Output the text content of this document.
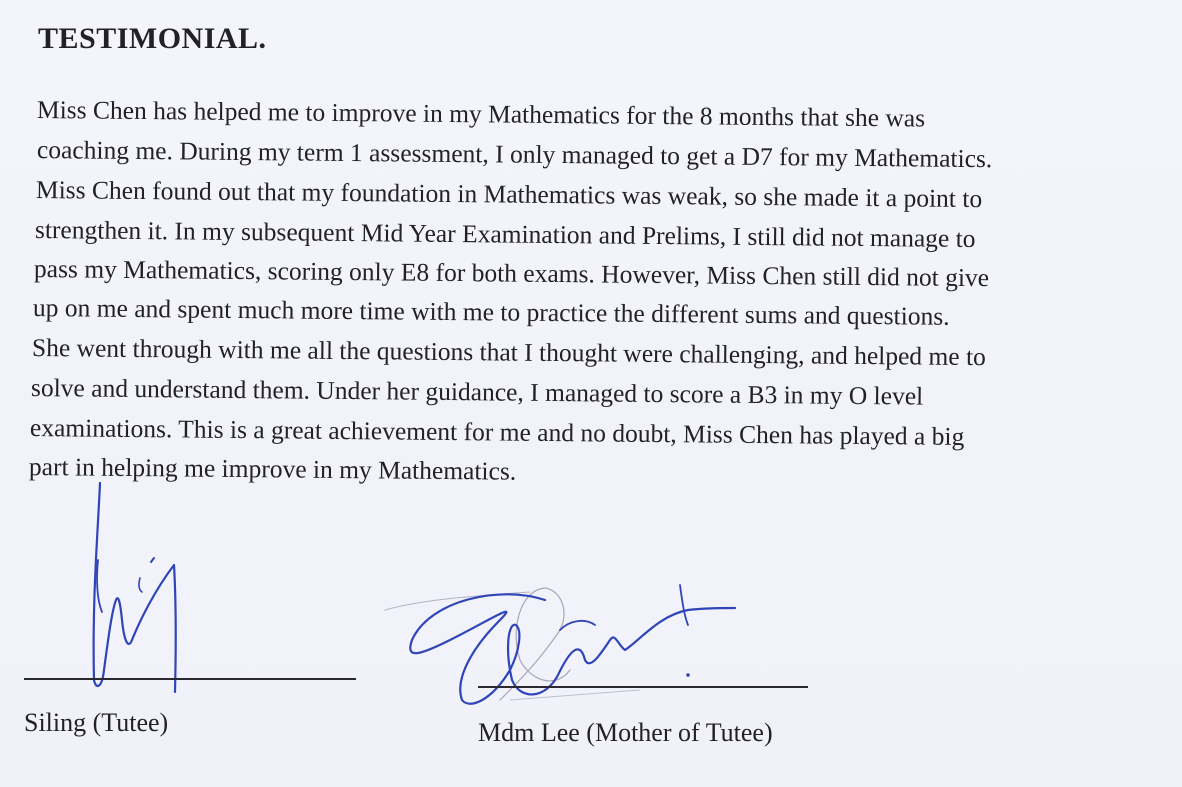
TESTIMONIAL.
Miss Chen has helped me to improve in my Mathematics for the 8 months that she was
coaching me. During my term 1 assessment, I only managed to get a D7 for my Mathematics.
Miss Chen found out that my foundation in Mathematics was weak, so she made it a point to
strengthen it. In my subsequent Mid Year Examination and Prelims, I still did not manage to
pass my Mathematics, scoring only E8 for both exams. However, Miss Chen still did not give
up on me and spent much more time with me to practice the different sums and questions.
She went through with me all the questions that I thought were challenging, and helped me to
solve and understand them. Under her guidance, I managed to score a B3 in my O level
examinations. This is a great achievement for me and no doubt, Miss Chen has played a big
part in helping me improve in my Mathematics.
Siling (Tutee)	Mdm Lee (Mother of Tutee)
